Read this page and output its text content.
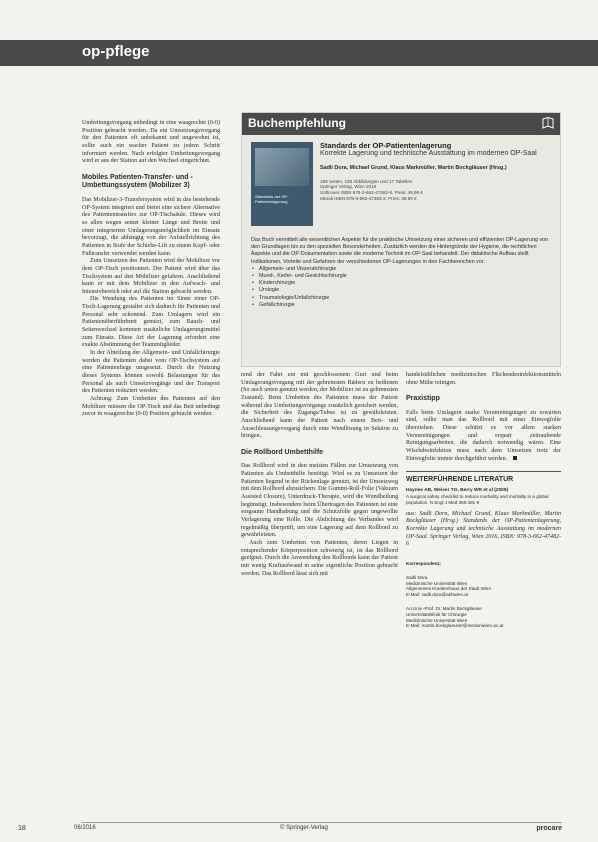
op-pflege

Umbettungsvorgang unbedingt in eine waagrechte (0-0) Position gebracht werden. Da ein Umsetzungsvorgang für den Patienten oft unbekannt und ungewohnt ist, sollte auch ein wacher Patient zu jedem Schritt informiert werden. Nach erfolgter Umbettungsvorgang wird er aus der Station auf den Wechsel eingerichtet.

Mobiles Patienten-Transfer- und -Umbettungssystem (Mobilizer 3)

Das Mobilizer-3-Transfersystem wird in das bestehende OP-System integriert und bietet eine sichere Alternative des Patiententransfers zur OP-Tischsäule. Dieses wird so allen wegen seiner kleiner Länge und Breite und einer integrierten Umlagerungsmöglichkeit im Einsatz bevorzugt, die abhängig von der Aufstellrichtung des Patienten in Stufe der Schiebe-Lift zu einem Kopf- oder Fußtransfer verwendet werden kann.

Zum Umsetzen des Patienten wird der Mobilizer vor dem OP-Tisch positioniert. Der Patient wird über das Tischsystem auf den Mobilizer gefahren. Anschließend kann er mit dem Mobilizer in den Aufwach- und Intensivbereich oder auf die Station gebracht werden.

Die Wendung des Patienten im Sinne einer OP-Tisch-Lagerung gestaltet sich dadurch für Patienten und Personal sehr schonend. Zum Umlagern wird ein Patientenüberführbrett genutzt, zum Bauch- und Seitenwechsel kommen zusätzliche Umlagerungsmittel zum Einsatz. Diese Art der Lagerung erfordert eine exakte Abstimmung der Teammitglieder.

In der Abteilung der Allgemein- und Unfallchirurgie werden die Patienten dabei vom OP-Tischsystem auf eine Patientenliege umgesetzt. Durch die Nutzung dieses Systems können sowohl Belastungen für das Personal als auch Umsetzvorgänge und der Transport des Patienten reduziert werden.

Achtung: Zum Umbetten des Patienten auf den Mobilizer müssen die OP-Tisch und das Bett unbedingt zuvor in waagerechte (0-0) Position gebracht werden.

Buchempfehlung
Standards der OP-Patientenlagerung
Standards der OP-Patientenlagerung
Korrekte Lagerung und technische Ausstattung im modernen OP-Saal
Sadli Dora, Michael Grund, Klaus Markmüller, Martin Bockgläuser (Hrsg.)
198 Seiten, 150 Abbildungen und 17 Tabellen
Springer Verlag, Wien 2016
Softcover ISBN 978-3-662-47482-6, Preis: 49,99 €
eBook ISBN 978-3-662-47483-3, Preis: 39,99 €
Das Buch vermittelt alle wesentlichen Aspekte für die praktische Umsetzung einer sicheren und effizienten OP-Lagerung von den Grundlagen bis zu den speziellen Besonderheiten. Zusätzlich werden die Hintergründe der Hygiene, die rechtlichen Aspekte und die OP-Dokumentation sowie die moderne Technik im OP-Saal behandelt. Der didaktische Aufbau stellt Indikationen, Vorteile und Gefahren der verschiedenen OP-Lagerungen in den Fachbereichen vor:
• Allgemein- und Viszeralchirurgie
• Mund-, Kiefer- und Gesichtschirurgie
• Kinderchirurgie
• Urologie
• Traumatologie/Unfallchirurgie
• Gefäßchirurgie

rend der Fahrt ein mit geschlossenem Gurt und beim Umlagerungsvorgang mit der gebremsten Rädern zu bedienen (So auch unten genutzt werden, der Mobilizer ist zu gebremsten Zustand). Beim Umbetten des Patienten muss der Patient während des Umbettungsvorgangs zusätzlich gesichert werden, die Sicherheit des Zugangs/Tubus ist zu gewährleisten. Anschließend kann der Patient nach einem Bett- und Ausschleusungsvorgang durch eine Wendlösung in Sektion zu bringen.

Die Rollbord Umbetthilfe

Das Rollbord wird in den meisten Fällen zur Umsetzung von Patienten als Umbetthilfe benötigt. Wird es zu Umsetzen der Patienten liegend in der Rückenlage genutzt, ist der Umsetzweg mit dem Rollbord abzusichern. Die Gummi-Roll-Folie (Vakuum Assisted Closure), Unterdruck-Therapie, wird die Wundheilung begünstigt. Insbesondere beim Übertragen des Patienten ist eine sorgsame Handhabung und die Schutzfolie gegen ungewollte Verlagerung eine Rolle. Die Abdichtung des Verbandes wird regelmäßig überprüft, um eine Lagerung auf dem Rollbord zu gewährleisten.

Auch zum Umbetten von Patienten, deren Liegen in entsprechender Körperposition schwierig ist, ist das Rollbord geeignet. Durch die Anwendung des Rollbords kann der Patient mit wenig Kraftaufwand in seine eigentliche Position gebracht werden. Das Rollbord lässt sich mit

handelsüblichen medizinischen Flächendesinfektionsmitteln ohne Mühe reinigen.

Praxistipp

Falls beim Umlagern starke Verunreinigungen zu erwarten sind, sollte man das Rollbord mit einer Einwegfolie überziehen. Diese schützt es vor allem starken Verunreinigungen und erspart zeitraubende Reinigungsarbeiten, die dadurch notwendig wären. Eine Wischdesinfektion muss nach dem Umsetzen trotz der Einwegfolie immer durchgeführt werden.

WEITERFÜHRENDE LITERATUR
Haynes AB, Weiser TG, Berry WR et al (2009)
A surgical safety checklist to reduce morbidity and mortality in a global population. N Engl J Med 360:491-9
aus: Sadli Dora, Michael Grund, Klaus Markmüller, Martin Bockgläuser (Hrsg.) Standards der OP-Patientenlagerung, Korrekte Lagerung und technische Ausstattung im modernen OP-Saal. Springer Verlag, Wien 2016, ISBN: 978-3-662-47482-6
Korrespondenz:
Sadli Dora
Medizinische Universität Wien
Allgemeines Krankenhaus der Stadt Wien
E-Mail: sadli.dora@akhwien.at
Ao.Univ.-Prof. Dr. Martin Bockgläuser
Universitätsklinik für Chirurgie
Medizinische Universität Wien
E-Mail: martin.bockglaeuser@meduniwien.ac.at
18	06/2016	© Springer-Verlag	procare
